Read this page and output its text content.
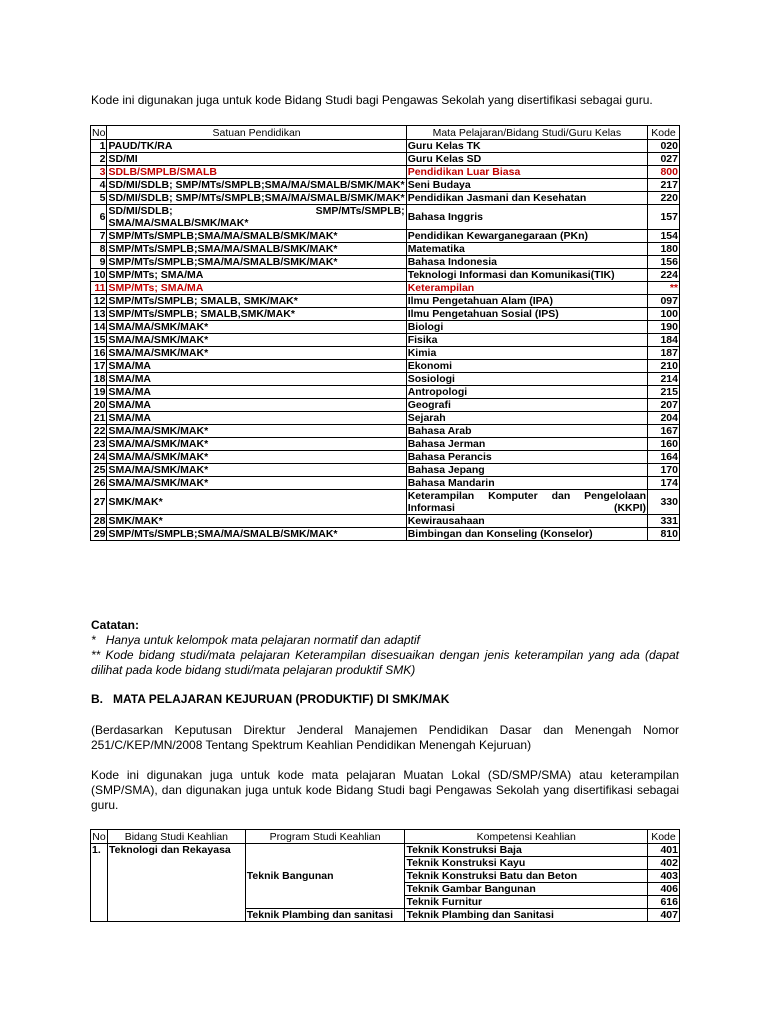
Kode ini digunakan juga untuk kode Bidang Studi bagi Pengawas Sekolah yang disertifikasi sebagai guru.

No	Satuan Pendidikan	Mata Pelajaran/Bidang Studi/Guru Kelas	Kode
1	PAUD/TK/RA	Guru Kelas TK	020
2	SD/MI	Guru Kelas SD	027
3	SDLB/SMPLB/SMALB	Pendidikan Luar Biasa	800
4	SD/MI/SDLB; SMP/MTs/SMPLB;SMA/MA/SMALB/SMK/MAK*	Seni Budaya	217
5	SD/MI/SDLB; SMP/MTs/SMPLB;SMA/MA/SMALB/SMK/MAK*	Pendidikan Jasmani dan Kesehatan	220
6	SD/MI/SDLB; SMP/MTs/SMPLB; SMA/MA/SMALB/SMK/MAK*	Bahasa Inggris	157
7	SMP/MTs/SMPLB;SMA/MA/SMALB/SMK/MAK*	Pendidikan Kewarganegaraan (PKn)	154
8	SMP/MTs/SMPLB;SMA/MA/SMALB/SMK/MAK*	Matematika	180
9	SMP/MTs/SMPLB;SMA/MA/SMALB/SMK/MAK*	Bahasa Indonesia	156
10	SMP/MTs; SMA/MA	Teknologi Informasi dan Komunikasi(TIK)	224
11	SMP/MTs; SMA/MA	Keterampilan	**
12	SMP/MTs/SMPLB; SMALB, SMK/MAK*	Ilmu Pengetahuan Alam (IPA)	097
13	SMP/MTs/SMPLB; SMALB,SMK/MAK*	Ilmu Pengetahuan Sosial (IPS)	100
14	SMA/MA/SMK/MAK*	Biologi	190
15	SMA/MA/SMK/MAK*	Fisika	184
16	SMA/MA/SMK/MAK*	Kimia	187
17	SMA/MA	Ekonomi	210
18	SMA/MA	Sosiologi	214
19	SMA/MA	Antropologi	215
20	SMA/MA	Geografi	207
21	SMA/MA	Sejarah	204
22	SMA/MA/SMK/MAK*	Bahasa Arab	167
23	SMA/MA/SMK/MAK*	Bahasa Jerman	160
24	SMA/MA/SMK/MAK*	Bahasa Perancis	164
25	SMA/MA/SMK/MAK*	Bahasa Jepang	170
26	SMA/MA/SMK/MAK*	Bahasa Mandarin	174
27	SMK/MAK*	Keterampilan Komputer dan Pengelolaan Informasi (KKPI)	330
28	SMK/MAK*	Kewirausahaan	331
29	SMP/MTs/SMPLB;SMA/MA/SMALB/SMK/MAK*	Bimbingan dan Konseling (Konselor)	810
Catatan:
* Hanya untuk kelompok mata pelajaran normatif dan adaptif
** Kode bidang studi/mata pelajaran Keterampilan disesuaikan dengan jenis keterampilan yang ada (dapat dilihat pada kode bidang studi/mata pelajaran produktif SMK)
B. MATA PELAJARAN KEJURUAN (PRODUKTIF) DI SMK/MAK

(Berdasarkan Keputusan Direktur Jenderal Manajemen Pendidikan Dasar dan Menengah Nomor 251/C/KEP/MN/2008 Tentang Spektrum Keahlian Pendidikan Menengah Kejuruan)

Kode ini digunakan juga untuk kode mata pelajaran Muatan Lokal (SD/SMP/SMA) atau keterampilan (SMP/SMA), dan digunakan juga untuk kode Bidang Studi bagi Pengawas Sekolah yang disertifikasi sebagai guru.

No	Bidang Studi Keahlian	Program Studi Keahlian	Kompetensi Keahlian	Kode
1.	Teknologi dan Rekayasa	Teknik Bangunan	Teknik Konstruksi Baja	401
			Teknik Konstruksi Kayu	402
			Teknik Konstruksi Batu dan Beton	403
			Teknik Gambar Bangunan	406
			Teknik Furnitur	616
		Teknik Plambing dan sanitasi	Teknik Plambing dan Sanitasi	407
